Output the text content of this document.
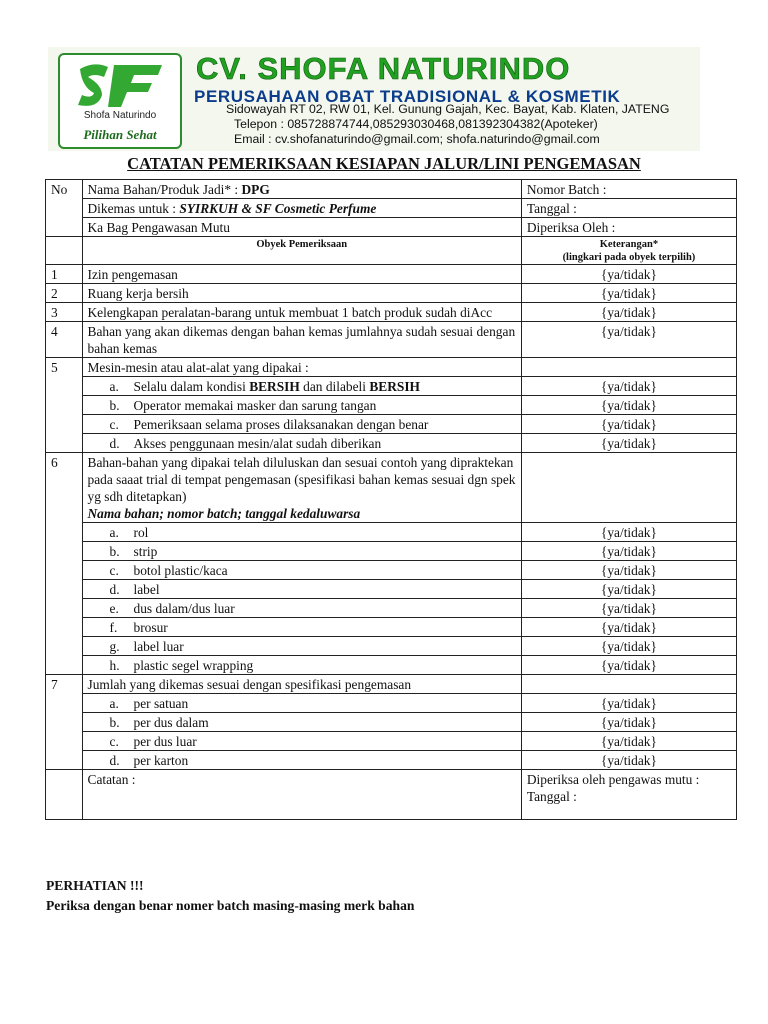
Shofa Naturindo
Pilihan Sehat
CV. SHOFA NATURINDO
PERUSAHAAN OBAT TRADISIONAL & KOSMETIK
Sidowayah RT 02, RW 01, Kel. Gunung Gajah, Kec. Bayat, Kab. Klaten, JATENG
Telepon : 085728874744,085293030468,081392304382(Apoteker)
Email : cv.shofanaturindo@gmail.com; shofa.naturindo@gmail.com
CATATAN PEMERIKSAAN KESIAPAN JALUR/LINI PENGEMASAN
No	Nama Bahan/Produk Jadi* : DPG	Nomor Batch :
	Dikemas untuk : SYIRKUH & SF Cosmetic Perfume	Tanggal :
	Ka Bag Pengawasan Mutu	Diperiksa Oleh :
	Obyek Pemeriksaan	Keterangan*
(lingkari pada obyek terpilih)
1	Izin pengemasan	{ya/tidak}
2	Ruang kerja bersih	{ya/tidak}
3	Kelengkapan peralatan-barang untuk membuat 1 batch produk sudah diAcc	{ya/tidak}
4	Bahan yang akan dikemas dengan bahan kemas jumlahnya sudah sesuai dengan bahan kemas	{ya/tidak}
5	Mesin-mesin atau alat-alat yang dipakai :	
	a. Selalu dalam kondisi BERSIH dan dilabeli BERSIH	{ya/tidak}
	b. Operator memakai masker dan sarung tangan	{ya/tidak}
	c. Pemeriksaan selama proses dilaksanakan dengan benar	{ya/tidak}
	d. Akses penggunaan mesin/alat sudah diberikan	{ya/tidak}
6	Bahan-bahan yang dipakai telah diluluskan dan sesuai contoh yang dipraktekan pada saaat trial di tempat pengemasan (spesifikasi bahan kemas sesuai dgn spek yg sdh ditetapkan)
Nama bahan; nomor batch; tanggal kedaluwarsa	
	a. rol	{ya/tidak}
	b. strip	{ya/tidak}
	c. botol plastic/kaca	{ya/tidak}
	d. label	{ya/tidak}
	e. dus dalam/dus luar	{ya/tidak}
	f. brosur	{ya/tidak}
	g. label luar	{ya/tidak}
	h. plastic segel wrapping	{ya/tidak}
7	Jumlah yang dikemas sesuai dengan spesifikasi pengemasan	
	a. per satuan	{ya/tidak}
	b. per dus dalam	{ya/tidak}
	c. per dus luar	{ya/tidak}
	d. per karton	{ya/tidak}
	Catatan :	Diperiksa oleh pengawas mutu :
Tanggal :
PERHATIAN !!!
Periksa dengan benar nomer batch masing-masing merk bahan
